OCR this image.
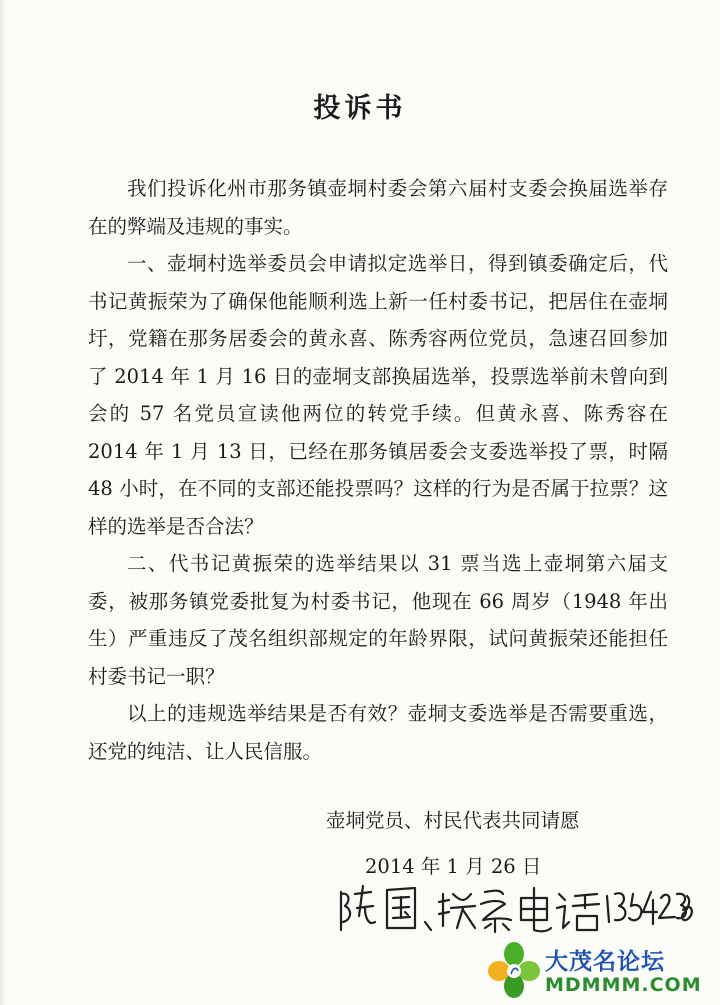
投诉书

我们投诉化州市那务镇壶垌村委会第六届村支委会换届选举存在的弊端及违规的事实。

一、壶垌村选举委员会申请拟定选举日，得到镇委确定后，代书记黄振荣为了确保他能顺利选上新一任村委书记，把居住在壶垌圩，党籍在那务居委会的黄永喜、陈秀容两位党员，急速召回参加了 2014 年 1 月 16 日的壶垌支部换届选举，投票选举前未曾向到会的 57 名党员宣读他两位的转党手续。但黄永喜、陈秀容在 2014 年 1 月 13 日，已经在那务镇居委会支委选举投了票，时隔 48 小时，在不同的支部还能投票吗？这样的行为是否属于拉票？这样的选举是否合法？

二、代书记黄振荣的选举结果以 31 票当选上壶垌第六届支委，被那务镇党委批复为村委书记，他现在 66 周岁（1948 年出生）严重违反了茂名组织部规定的年龄界限，试问黄振荣还能担任村委书记一职？

以上的违规选举结果是否有效？壶垌支委选举是否需要重选，还党的纯洁、让人民信服。

壶垌党员、村民代表共同请愿
2014 年 1 月 26 日
大茂名论坛
MDMMM.COM
